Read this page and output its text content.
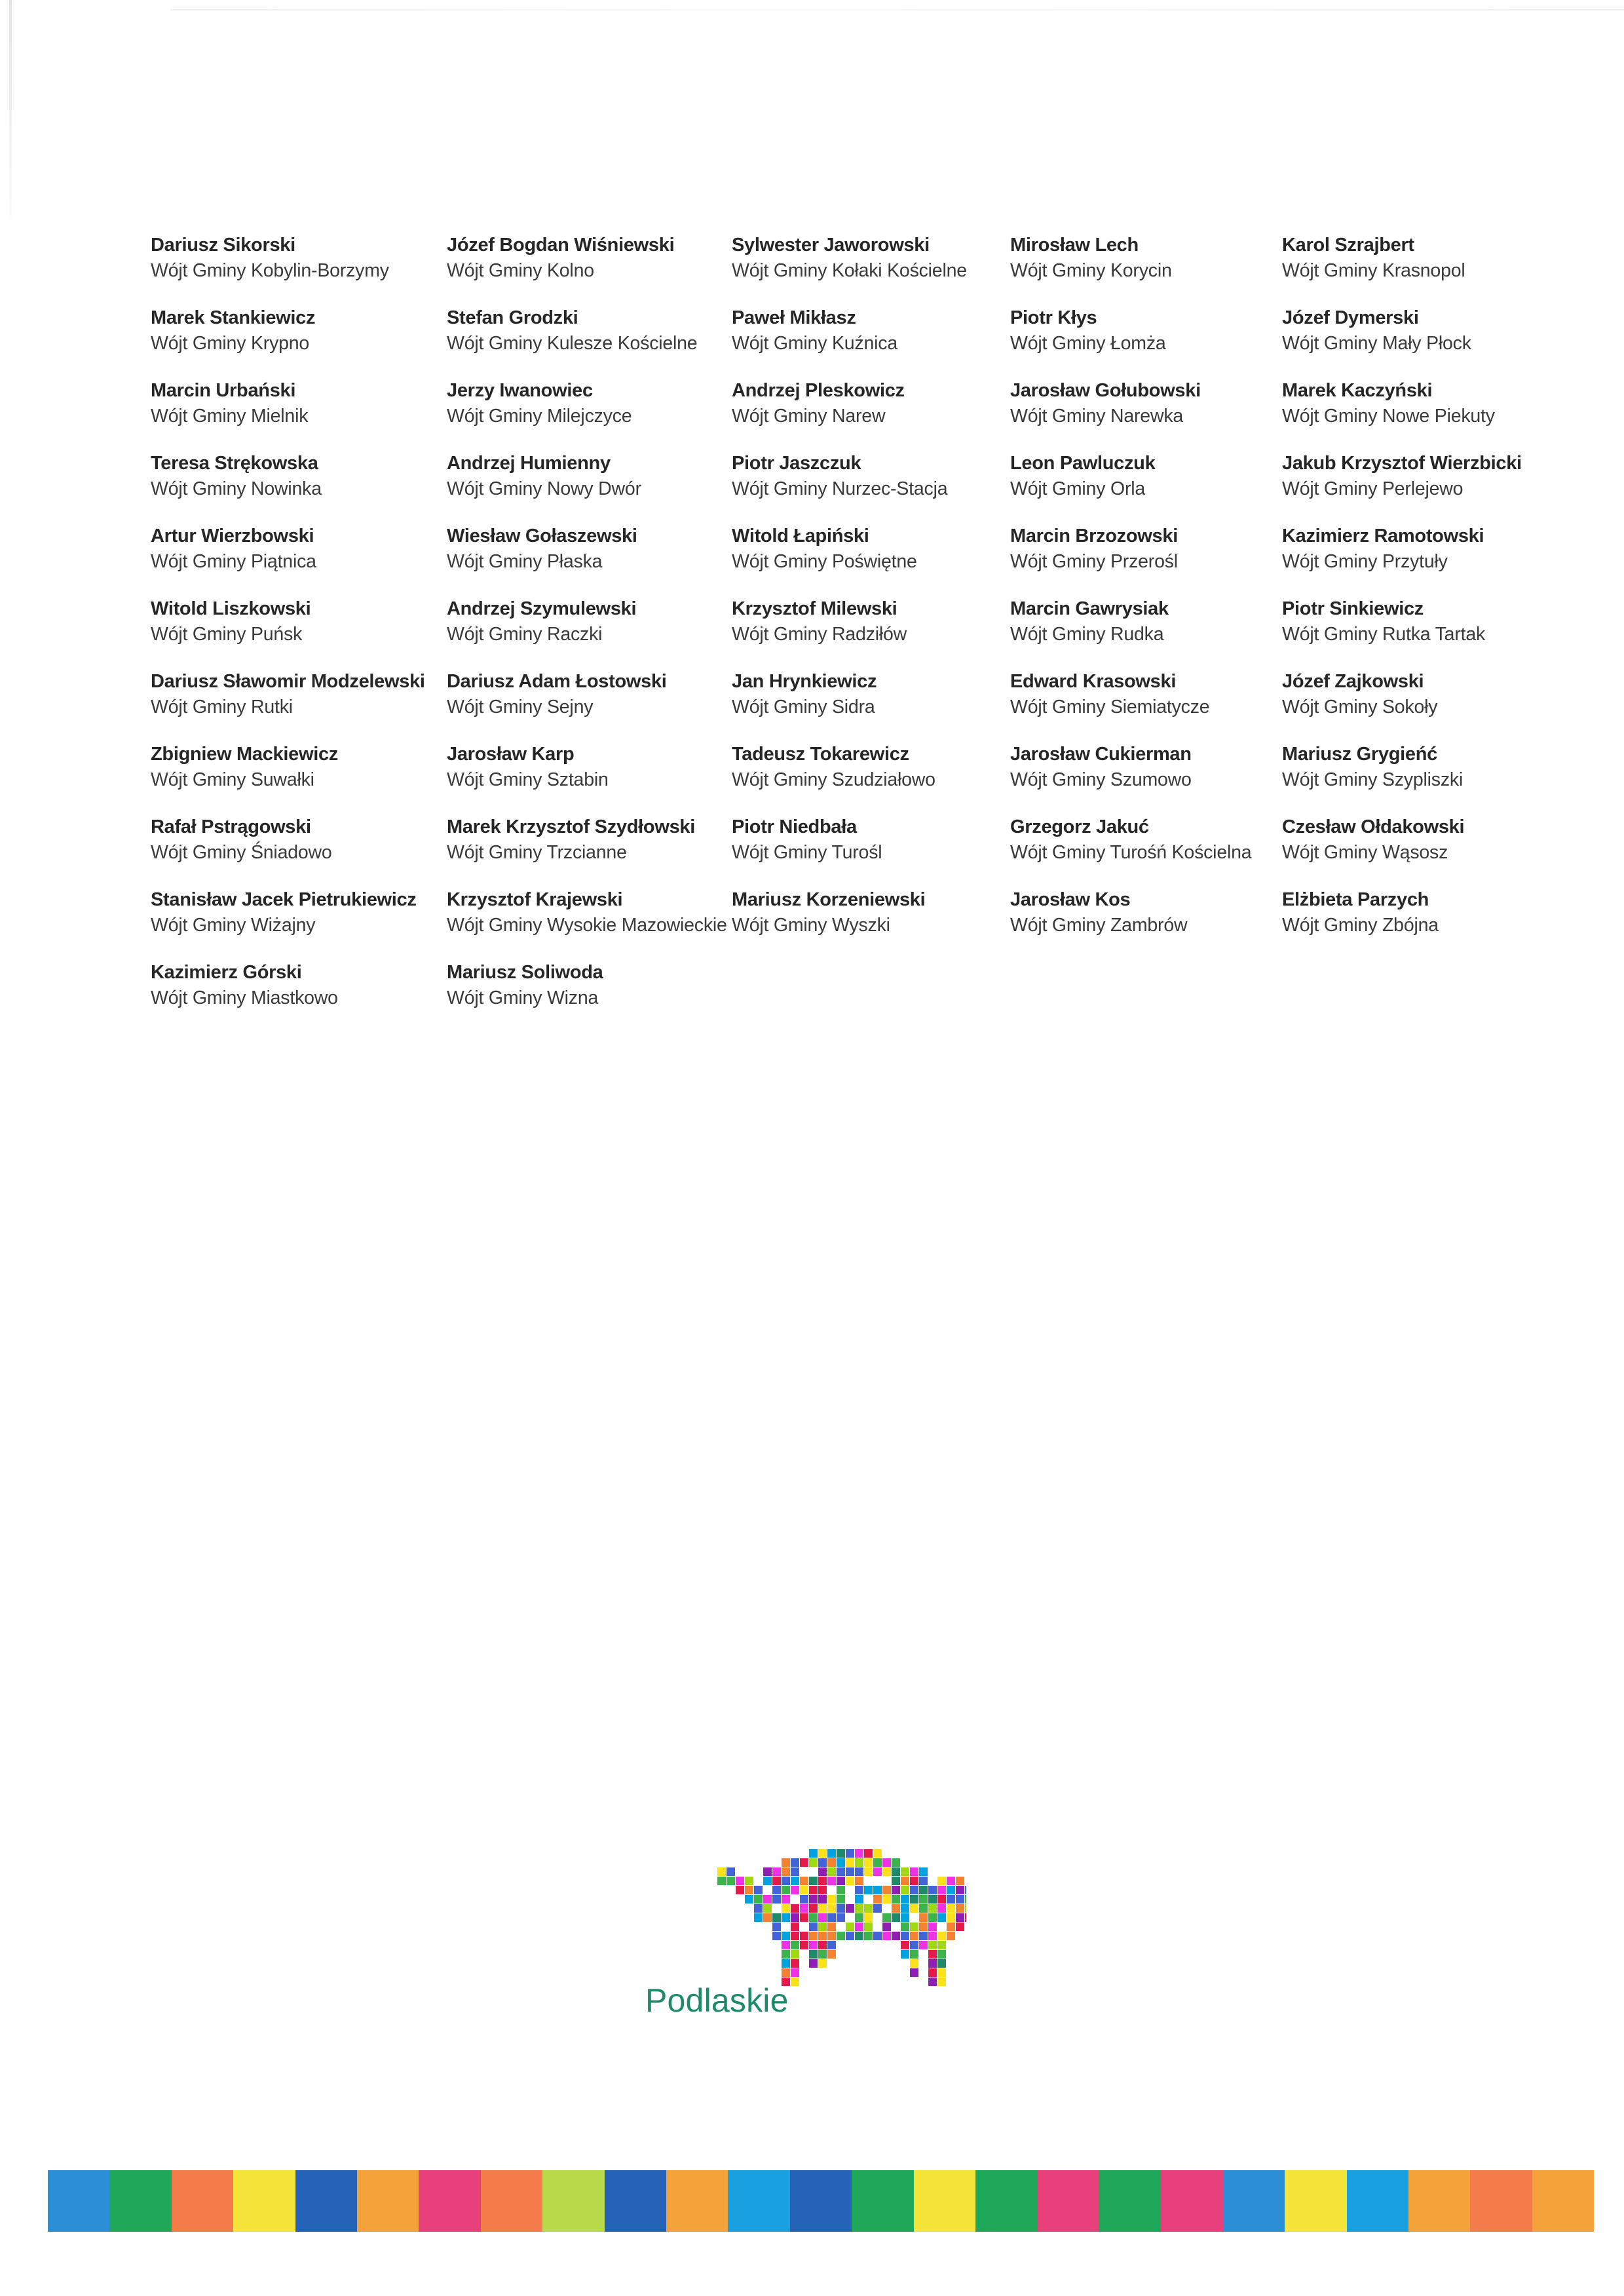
Dariusz Sikorski
Wójt Gminy Kobylin-Borzymy
Józef Bogdan Wiśniewski
Wójt Gminy Kolno
Sylwester Jaworowski
Wójt Gminy Kołaki Kościelne
Mirosław Lech
Wójt Gminy Korycin
Karol Szrajbert
Wójt Gminy Krasnopol
Marek Stankiewicz
Wójt Gminy Krypno
Stefan Grodzki
Wójt Gminy Kulesze Kościelne
Paweł Mikłasz
Wójt Gminy Kuźnica
Piotr Kłys
Wójt Gminy Łomża
Józef Dymerski
Wójt Gminy Mały Płock
Marcin Urbański
Wójt Gminy Mielnik
Jerzy Iwanowiec
Wójt Gminy Milejczyce
Andrzej Pleskowicz
Wójt Gminy Narew
Jarosław Gołubowski
Wójt Gminy Narewka
Marek Kaczyński
Wójt Gminy Nowe Piekuty
Teresa Strękowska
Wójt Gminy Nowinka
Andrzej Humienny
Wójt Gminy Nowy Dwór
Piotr Jaszczuk
Wójt Gminy Nurzec-Stacja
Leon Pawluczuk
Wójt Gminy Orla
Jakub Krzysztof Wierzbicki
Wójt Gminy Perlejewo
Artur Wierzbowski
Wójt Gminy Piątnica
Wiesław Gołaszewski
Wójt Gminy Płaska
Witold Łapiński
Wójt Gminy Poświętne
Marcin Brzozowski
Wójt Gminy Przerośl
Kazimierz Ramotowski
Wójt Gminy Przytuły
Witold Liszkowski
Wójt Gminy Puńsk
Andrzej Szymulewski
Wójt Gminy Raczki
Krzysztof Milewski
Wójt Gminy Radziłów
Marcin Gawrysiak
Wójt Gminy Rudka
Piotr Sinkiewicz
Wójt Gminy Rutka Tartak
Dariusz Sławomir Modzelewski
Wójt Gminy Rutki
Dariusz Adam Łostowski
Wójt Gminy Sejny
Jan Hrynkiewicz
Wójt Gminy Sidra
Edward Krasowski
Wójt Gminy Siemiatycze
Józef Zajkowski
Wójt Gminy Sokoły
Zbigniew Mackiewicz
Wójt Gminy Suwałki
Jarosław Karp
Wójt Gminy Sztabin
Tadeusz Tokarewicz
Wójt Gminy Szudziałowo
Jarosław Cukierman
Wójt Gminy Szumowo
Mariusz Grygieńć
Wójt Gminy Szypliszki
Rafał Pstrągowski
Wójt Gminy Śniadowo
Marek Krzysztof Szydłowski
Wójt Gminy Trzcianne
Piotr Niedbała
Wójt Gminy Turośl
Grzegorz Jakuć
Wójt Gminy Turośń Kościelna
Czesław Ołdakowski
Wójt Gminy Wąsosz
Stanisław Jacek Pietrukiewicz
Wójt Gminy Wiżajny
Krzysztof Krajewski
Wójt Gminy Wysokie Mazowieckie
Mariusz Korzeniewski
Wójt Gminy Wyszki
Jarosław Kos
Wójt Gminy Zambrów
Elżbieta Parzych
Wójt Gminy Zbójna
Kazimierz Górski
Wójt Gminy Miastkowo
Mariusz Soliwoda
Wójt Gminy Wizna
Podlaskie
